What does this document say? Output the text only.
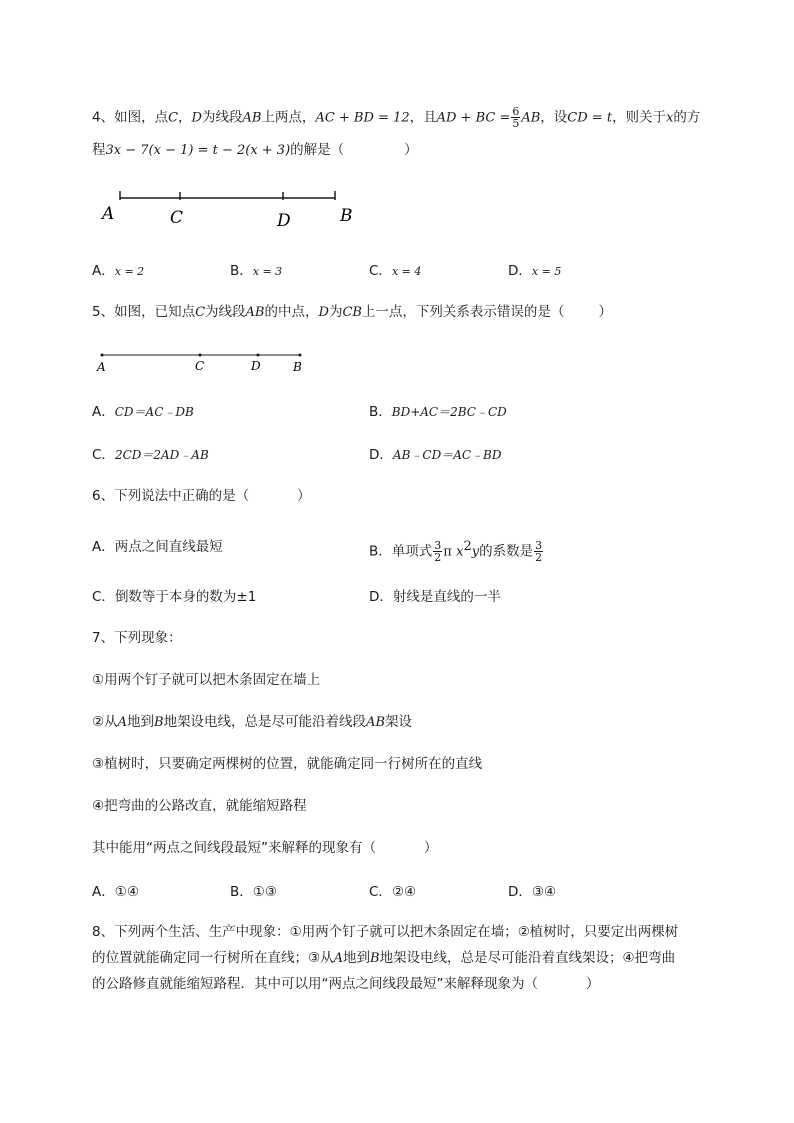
4、如图，点C，D为线段AB上两点，AC + BD = 12，且AD + BC = $\frac{6}{5}$ AB，设CD = t，则关于x的方
程3x − 7(x − 1) = t − 2(x + 3)的解是（	）
A	C	D	B
A．x = 2	B．x = 3	C．x = 4	D．x = 5
5、如图，已知点C为线段AB的中点，D为CB上一点，下列关系表示错误的是（	）
A	C	D	B
A．CD＝AC﹣DB	B．BD+AC＝2BC﹣CD
C．2CD＝2AD﹣AB	D．AB﹣CD＝AC﹣BD
6、下列说法中正确的是（	）
A．两点之间直线最短	B．单项式 $\frac{3}{2}$ π $x^2y$的系数是 $\frac{3}{2}$
C．倒数等于本身的数为±1	D．射线是直线的一半
7、下列现象：
①用两个钉子就可以把木条固定在墙上
②从A地到B地架设电线，总是尽可能沿着线段AB架设
③植树时，只要确定两棵树的位置，就能确定同一行树所在的直线
④把弯曲的公路改直，就能缩短路程
其中能用“两点之间线段最短”来解释的现象有（	）
A．①④	B．①③	C．②④	D．③④
8、下列两个生活、生产中现象：①用两个钉子就可以把木条固定在墙；②植树时，只要定出两棵树
的位置就能确定同一行树所在直线；③从A地到B地架设电线，总是尽可能沿着直线架设；④把弯曲
的公路修直就能缩短路程．其中可以用“两点之间线段最短”来解释现象为（	）
